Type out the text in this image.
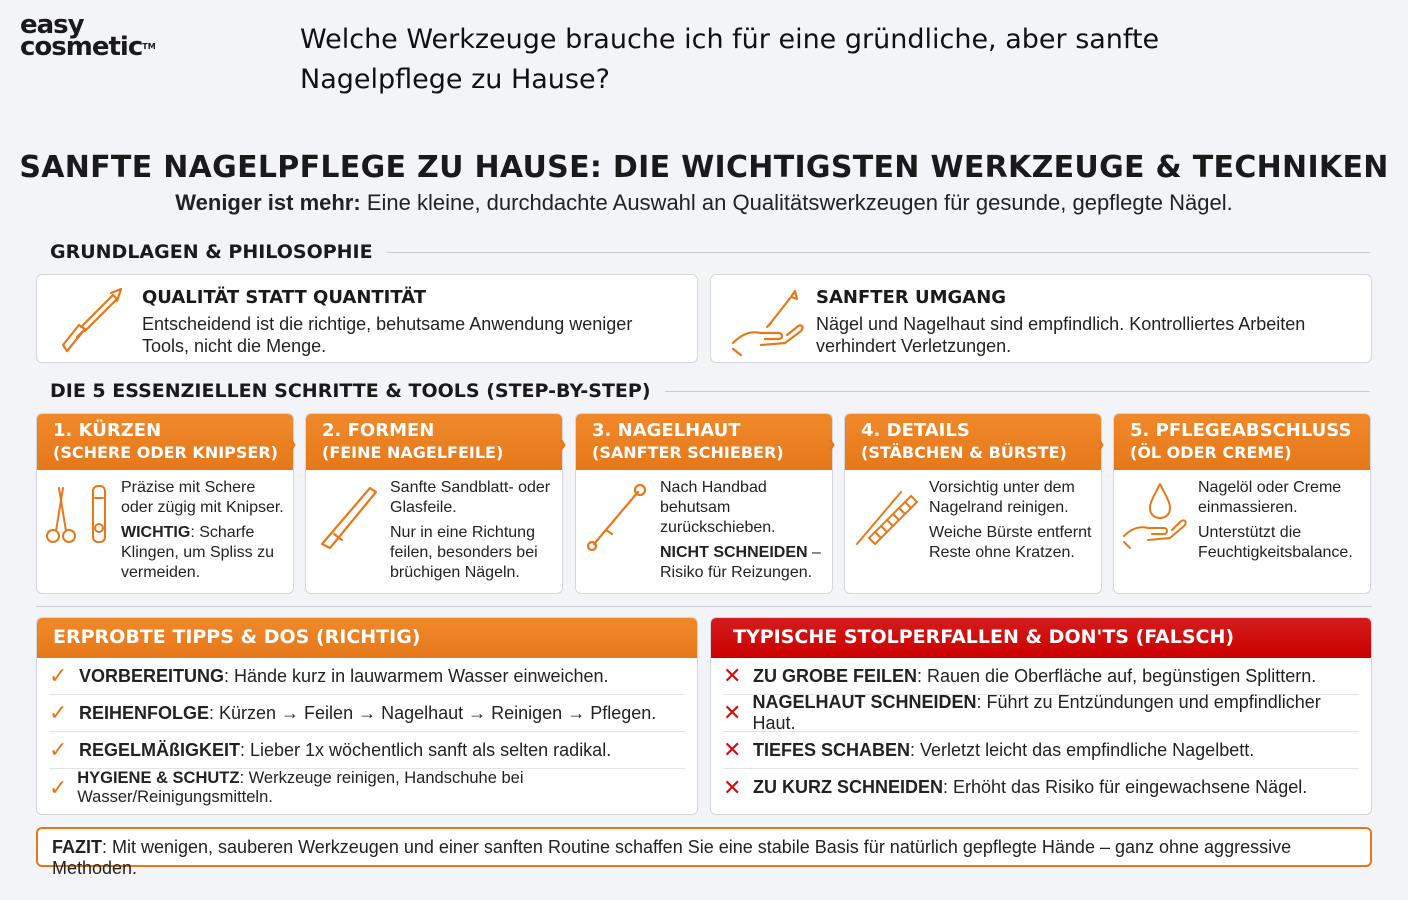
easy
cosmetic™	Welche Werkzeuge brauche ich für eine gründliche, aber sanfte Nagelpflege zu Hause?
SANFTE NAGELPFLEGE ZU HAUSE: DIE WICHTIGSTEN WERKZEUGE & TECHNIKEN
Weniger ist mehr: Eine kleine, durchdachte Auswahl an Qualitätswerkzeugen für gesunde, gepflegte Nägel.
GRUNDLAGEN & PHILOSOPHIE
QUALITÄT STATT QUANTITÄT
Entscheidend ist die richtige, behutsame Anwendung weniger Tools, nicht die Menge.
SANFTER UMGANG
Nägel und Nagelhaut sind empfindlich. Kontrolliertes Arbeiten verhindert Verletzungen.
DIE 5 ESSENZIELLEN SCHRITTE & TOOLS (STEP-BY-STEP)
1. KÜRZEN
(SCHERE ODER KNIPSER)

Präzise mit Schere oder zügig mit Knipser.

WICHTIG: Scharfe Klingen, um Spliss zu vermeiden.

› 2. FORMEN
(FEINE NAGELFEILE)

Sanfte Sandblatt- oder Glasfeile.

Nur in eine Richtung feilen, besonders bei brüchigen Nägeln.

› 3. NAGELHAUT
(SANFTER SCHIEBER)

Nach Handbad behutsam zurückschieben.

NICHT SCHNEIDEN – Risiko für Reizungen.

› 4. DETAILS
(STÄBCHEN & BÜRSTE)

Vorsichtig unter dem Nagelrand reinigen.

Weiche Bürste entfernt Reste ohne Kratzen.

› 5. PFLEGEABSCHLUSS
(ÖL ODER CREME)

Nagelöl oder Creme einmassieren.

Unterstützt die Feuchtigkeitsbalance.

ERPROBTE TIPPS & DOS (RICHTIG)
✓ VORBEREITUNG: Hände kurz in lauwarmem Wasser einweichen.
✓ REIHENFOLGE: Kürzen → Feilen → Nagelhaut → Reinigen → Pflegen.
✓ REGELMÄßIGKEIT: Lieber 1x wöchentlich sanft als selten radikal.
✓ HYGIENE & SCHUTZ: Werkzeuge reinigen, Handschuhe bei Wasser/Reinigungsmitteln.
TYPISCHE STOLPERFALLEN & DON'TS (FALSCH)
✕ ZU GROBE FEILEN: Rauen die Oberfläche auf, begünstigen Splittern.
✕ NAGELHAUT SCHNEIDEN: Führt zu Entzündungen und empfindlicher Haut.
✕ TIEFES SCHABEN: Verletzt leicht das empfindliche Nagelbett.
✕ ZU KURZ SCHNEIDEN: Erhöht das Risiko für eingewachsene Nägel.
FAZIT: Mit wenigen, sauberen Werkzeugen und einer sanften Routine schaffen Sie eine stabile Basis für natürlich gepflegte Hände – ganz ohne aggressive Methoden.
